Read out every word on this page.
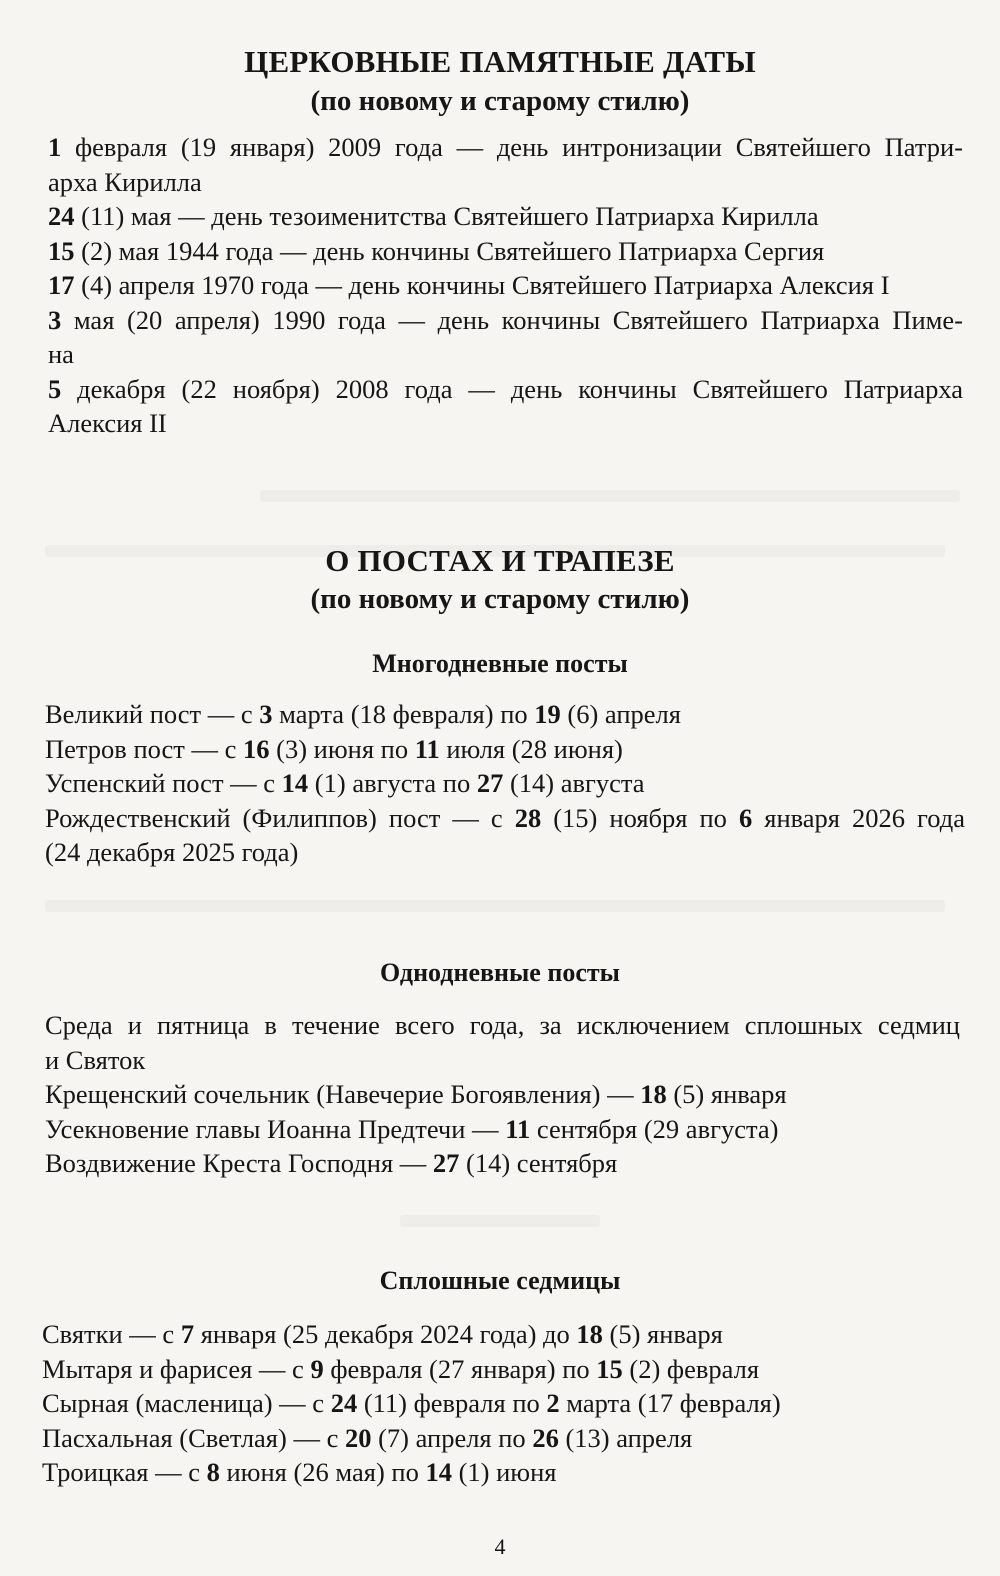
ЦЕРКОВНЫЕ ПАМЯТНЫЕ ДАТЫ
(по новому и старому стилю)
1 февраля (19 января) 2009 года — день интронизации Святейшего Патри-
арха Кирилла
24 (11) мая — день тезоименитства Святейшего Патриарха Кирилла
15 (2) мая 1944 года — день кончины Святейшего Патриарха Сергия
17 (4) апреля 1970 года — день кончины Святейшего Патриарха Алексия I
3 мая (20 апреля) 1990 года — день кончины Святейшего Патриарха Пиме-
на
5 декабря (22 ноября) 2008 года — день кончины Святейшего Патриарха
Алексия II
О ПОСТАХ И ТРАПЕЗЕ
(по новому и старому стилю)
Многодневные посты
Великий пост — с 3 марта (18 февраля) по 19 (6) апреля
Петров пост — с 16 (3) июня по 11 июля (28 июня)
Успенский пост — с 14 (1) августа по 27 (14) августа
Рождественский (Филиппов) пост — с 28 (15) ноября по 6 января 2026 года
(24 декабря 2025 года)
Однодневные посты
Среда и пятница в течение всего года, за исключением сплошных седмиц
и Святок
Крещенский сочельник (Навечерие Богоявления) — 18 (5) января
Усекновение главы Иоанна Предтечи — 11 сентября (29 августа)
Воздвижение Креста Господня — 27 (14) сентября
Сплошные седмицы
Святки — с 7 января (25 декабря 2024 года) до 18 (5) января
Мытаря и фарисея — с 9 февраля (27 января) по 15 (2) февраля
Сырная (масленица) — с 24 (11) февраля по 2 марта (17 февраля)
Пасхальная (Светлая) — с 20 (7) апреля по 26 (13) апреля
Троицкая — с 8 июня (26 мая) по 14 (1) июня
4
